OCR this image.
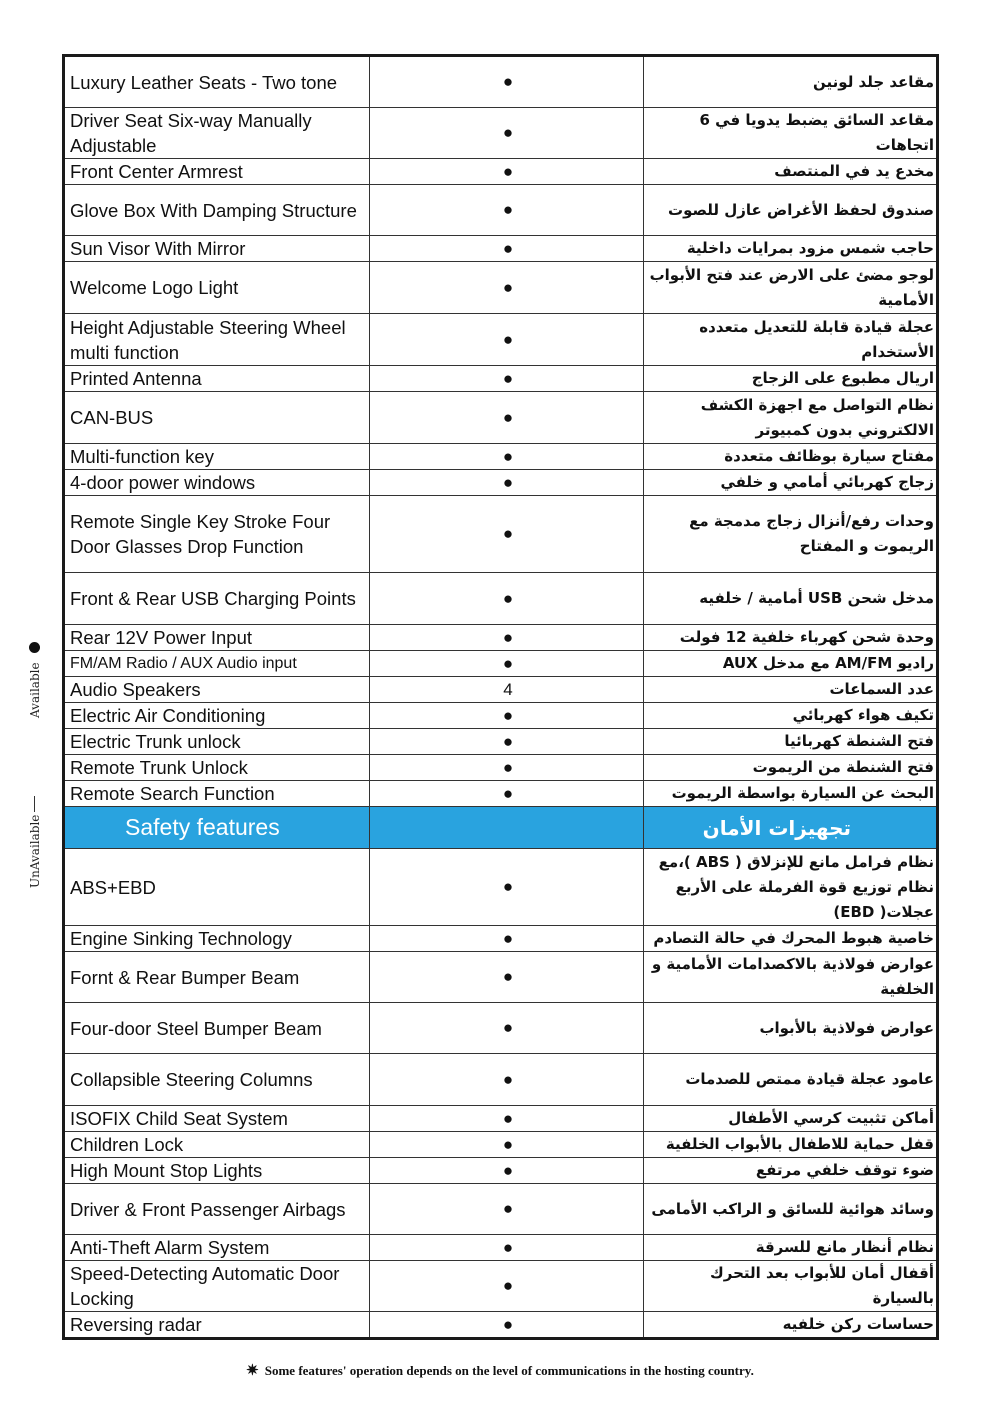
Luxury Leather Seats - Two tone	●	مقاعد جلد لونين
Driver Seat Six-way Manually Adjustable	●	مقاعد السائق يضبط يدويا في 6 اتجاهات
Front Center Armrest	●	مخدع يد في المنتصف
Glove Box With Damping Structure	●	صندوق لحفظ الأغراض عازل للصوت
Sun Visor With Mirror	●	حاجب شمس مزود بمرايات داخلية
Welcome Logo Light	●	لوجو مضئ على الارض عند فتح الأبواب الأمامية
Height Adjustable Steering Wheel multi function	●	عجلة قيادة قابلة للتعديل متعدده الأستخدام
Printed Antenna	●	اريال مطبوع على الزجاج
CAN-BUS	●	نظام التواصل مع اجهزة الكشف الالكتروني بدون كمبيوتر
Multi-function key	●	مفتاح سيارة بوظائف متعددة
4-door power windows	●	زجاج كهربائي أمامي و خلفي
Remote Single Key Stroke Four Door Glasses Drop Function	●	وحدات رفع/أنزال زجاج مدمجة مع الريموت و المفتاح
Front & Rear USB Charging Points	●	مدخل شحن USB أمامية / خلفيه
Rear 12V Power Input	●	وحدة شحن كهرباء خلفية 12 فولت
FM/AM Radio / AUX Audio input	●	راديو AM/FM مع مدخل AUX
Audio Speakers	4	عدد السماعات
Electric Air Conditioning	●	تكيف هواء كهربائي
Electric Trunk unlock	●	فتح الشنطة كهربائيا
Remote Trunk Unlock	●	فتح الشنطة من الريموت
Remote Search Function	●	البحث عن السيارة بواسطة الريموت
Safety features		تجهيزات الأمان
ABS+EBD	●	نظام فرامل مانع للإنزلاق ( ABS )،مع نظام توزيع قوة الفرملة على الأربع عجلات( EBD)
Engine Sinking Technology	●	خاصية هبوط المحرك في حالة التصادم
Fornt & Rear Bumper Beam	●	عوارض فولاذية بالاكصدامات الأمامية و الخلفية
Four-door Steel Bumper Beam	●	عوارض فولاذية بالأبواب
Collapsible Steering Columns	●	عامود عجلة قيادة ممتص للصدمات
ISOFIX Child Seat System	●	أماكن تثبيت كرسي الأطفال
Children Lock	●	قفل حماية للاطفال بالأبواب الخلفية
High Mount Stop Lights	●	ضوء توقف خلفي مرتفع
Driver & Front Passenger Airbags	●	وسائد هوائية للسائق و الراكب الأمامى
Anti-Theft Alarm System	●	نظام أنظار مانع للسرقة
Speed-Detecting Automatic Door Locking	●	أقفال أمان للأبواب بعد التحرك بالسيارة
Reversing radar	●	حساسات ركن خلفيه
Available
UnAvailable
✷ Some features' operation depends on the level of communications in the hosting country.
